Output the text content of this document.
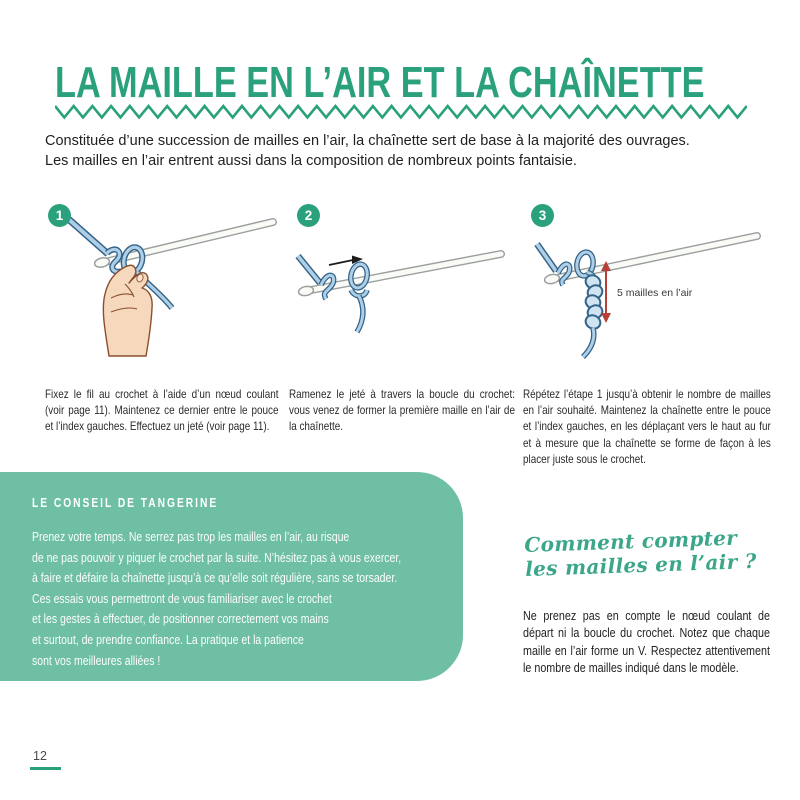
LA MAILLE EN L’AIR ET LA CHAÎNETTE
Constituée d’une succession de mailles en l’air, la chaînette sert de base à la majorité des ouvrages.
Les mailles en l’air entrent aussi dans la composition de nombreux points fantaisie.
1	2	3
5 mailles en l’air

Fixez le fil au crochet à l’aide d’un nœud coulant (voir page 11). Maintenez ce dernier entre le pouce et l’index gauches. Effectuez un jeté (voir page 11).

Ramenez le jeté à travers la boucle du crochet: vous venez de former la première maille en l’air de la chaînette.

Répétez l’étape 1 jusqu’à obtenir le nombre de mailles en l’air souhaité. Maintenez la chaînette entre le pouce et l’index gauches, en les déplaçant vers le haut au fur et à mesure que la chaînette se forme de façon à les placer juste sous le crochet.

LE CONSEIL DE TANGERINE
Prenez votre temps. Ne serrez pas trop les mailles en l’air, au risque
de ne pas pouvoir y piquer le crochet par la suite. N’hésitez pas à vous exercer,
à faire et défaire la chaînette jusqu’à ce qu’elle soit régulière, sans se torsader.
Ces essais vous permettront de vous familiariser avec le crochet
et les gestes à effectuer, de positionner correctement vos mains
et surtout, de prendre confiance. La pratique et la patience
sont vos meilleures alliées !
Comment compter
les mailles en l’air ?

Ne prenez pas en compte le nœud coulant de départ ni la boucle du crochet. Notez que chaque maille en l’air forme un V. Respectez attentivement le nombre de mailles indiqué dans le modèle.

12
